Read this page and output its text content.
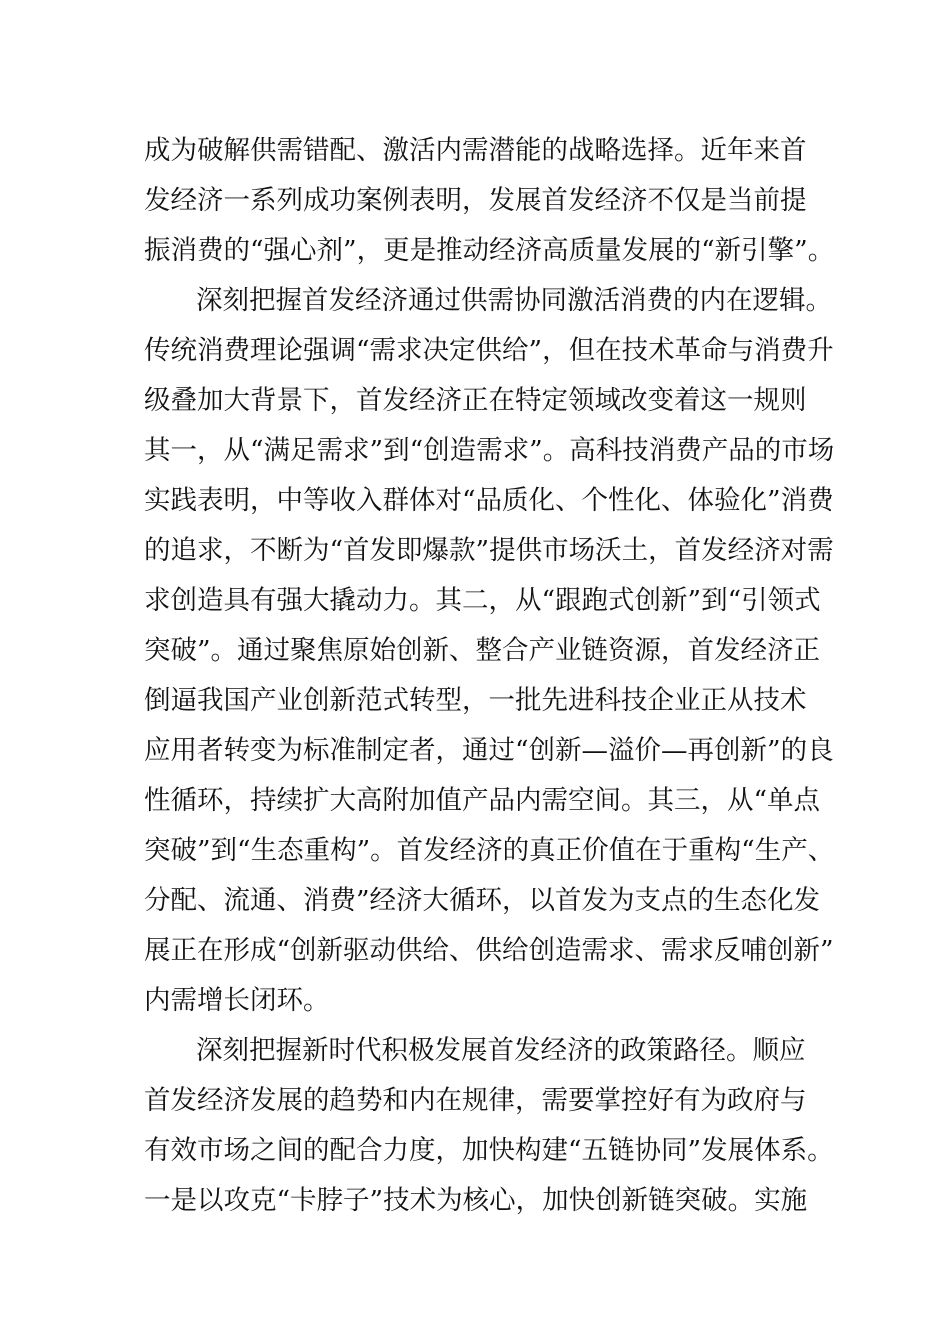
成为破解供需错配、激活内需潜能的战略选择。近年来首
发经济一系列成功案例表明，发展首发经济不仅是当前提
振消费的“强心剂”，更是推动经济高质量发展的“新引擎”。
深刻把握首发经济通过供需协同激活消费的内在逻辑。
传统消费理论强调“需求决定供给”，但在技术革命与消费升
级叠加大背景下，首发经济正在特定领域改变着这一规则
其一，从“满足需求”到“创造需求”。高科技消费产品的市场
实践表明，中等收入群体对“品质化、个性化、体验化”消费
的追求，不断为“首发即爆款”提供市场沃土，首发经济对需
求创造具有强大撬动力。其二，从“跟跑式创新”到“引领式
突破”。通过聚焦原始创新、整合产业链资源，首发经济正
倒逼我国产业创新范式转型，一批先进科技企业正从技术
应用者转变为标准制定者，通过“创新—溢价—再创新”的良
性循环，持续扩大高附加值产品内需空间。其三，从“单点
突破”到“生态重构”。首发经济的真正价值在于重构“生产、
分配、流通、消费”经济大循环，以首发为支点的生态化发
展正在形成“创新驱动供给、供给创造需求、需求反哺创新”
内需增长闭环。
深刻把握新时代积极发展首发经济的政策路径。顺应
首发经济发展的趋势和内在规律，需要掌控好有为政府与
有效市场之间的配合力度，加快构建“五链协同”发展体系。
一是以攻克“卡脖子”技术为核心，加快创新链突破。实施
